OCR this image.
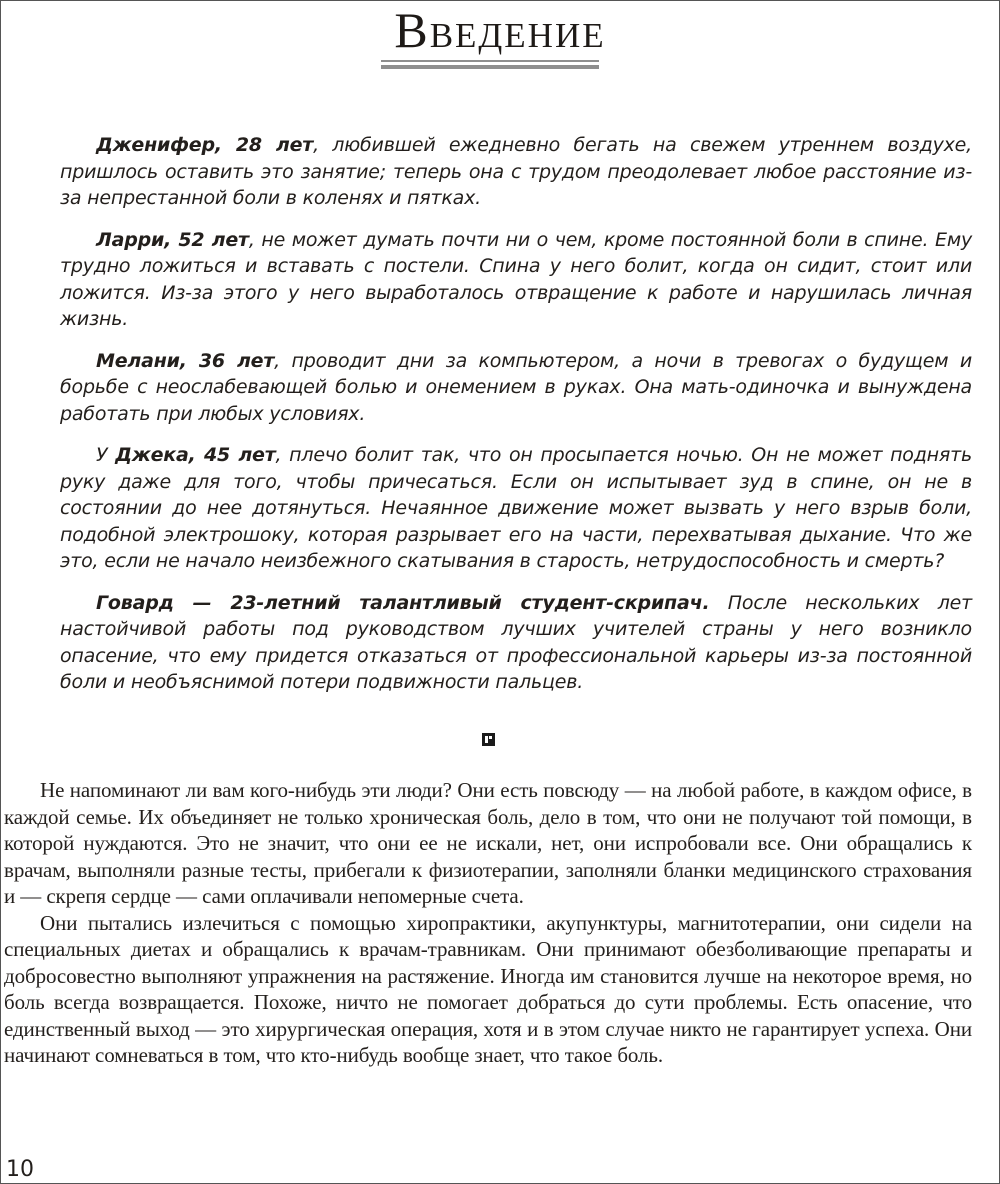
Введение

Дженифер, 28 лет, любившей ежедневно бегать на свежем утреннем воздухе, пришлось оставить это занятие; теперь она с трудом преодолевает любое расстояние из-за непрестанной боли в коленях и пятках.

Ларри, 52 лет, не может думать почти ни о чем, кроме постоянной боли в спине. Ему трудно ложиться и вставать с постели. Спина у него болит, когда он сидит, стоит или ложится. Из-за этого у него выработалось отвращение к работе и нарушилась личная жизнь.

Мелани, 36 лет, проводит дни за компьютером, а ночи в тревогах о будущем и борьбе с неослабевающей болью и онемением в руках. Она мать-одиночка и вынуждена работать при любых условиях.

У Джека, 45 лет, плечо болит так, что он просыпается ночью. Он не может поднять руку даже для того, чтобы причесаться. Если он испытывает зуд в спине, он не в состоянии до нее дотянуться. Нечаянное движение может вызвать у него взрыв боли, подобной электрошоку, которая разрывает его на части, перехватывая дыхание. Что же это, если не начало неизбежного скатывания в старость, нетрудоспособность и смерть?

Говард — 23-летний талантливый студент-скрипач. После нескольких лет настойчивой работы под руководством лучших учителей страны у него возникло опасение, что ему придется отказаться от профессиональной карьеры из-за постоянной боли и необъяснимой потери подвижности пальцев.

Не напоминают ли вам кого-нибудь эти люди? Они есть повсюду — на любой работе, в каждом офисе, в каждой семье. Их объединяет не только хроническая боль, дело в том, что они не получают той помощи, в которой нуждаются. Это не значит, что они ее не искали, нет, они испробовали все. Они обращались к врачам, выполняли разные тесты, прибегали к физиотерапии, заполняли бланки медицинского страхования и — скрепя сердце — сами оплачивали непомерные счета.

Они пытались излечиться с помощью хиропрактики, акупунктуры, магнитотерапии, они сидели на специальных диетах и обращались к врачам-травникам. Они принимают обезболивающие препараты и добросовестно выполняют упражнения на растяжение. Иногда им становится лучше на некоторое время, но боль всегда возвращается. Похоже, ничто не помогает добраться до сути проблемы. Есть опасение, что единственный выход — это хирургическая операция, хотя и в этом случае никто не гарантирует успеха. Они начинают сомневаться в том, что кто-нибудь вообще знает, что такое боль.

10
